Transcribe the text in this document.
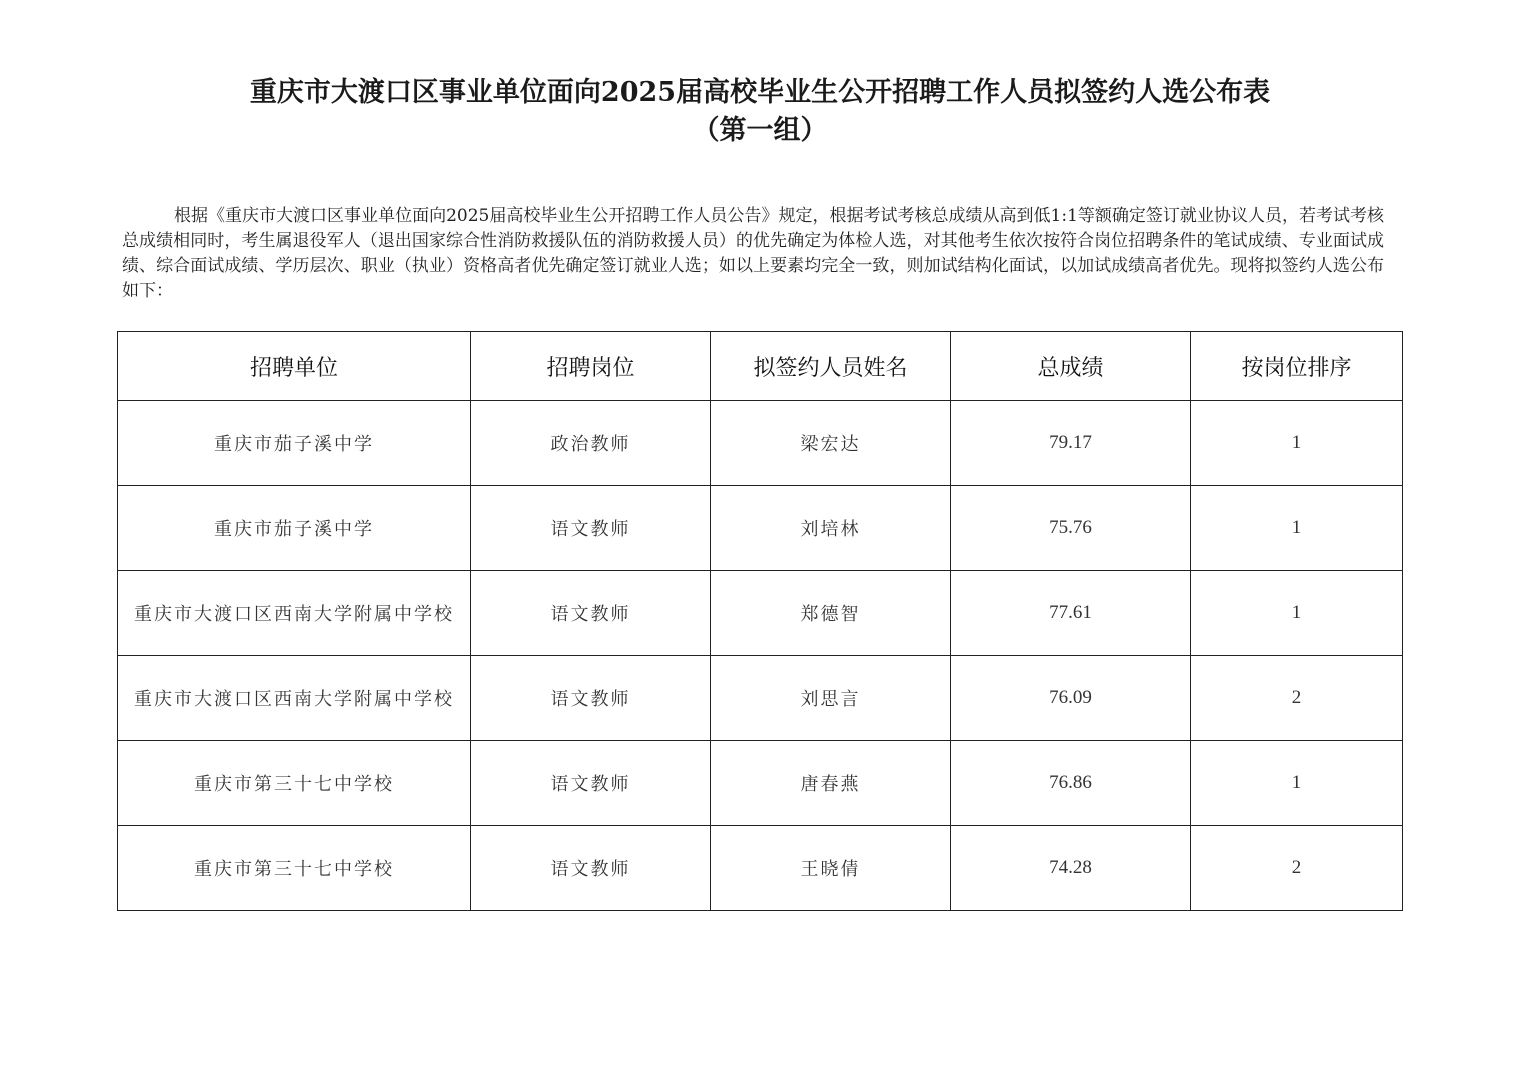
重庆市大渡口区事业单位面向2025届高校毕业生公开招聘工作人员拟签约人选公布表
（第一组）
根据《重庆市大渡口区事业单位面向2025届高校毕业生公开招聘工作人员公告》规定，根据考试考核总成绩从高到低1:1等额确定签订就业协议人员，若考试考核总成绩相同时，考生属退役军人（退出国家综合性消防救援队伍的消防救援人员）的优先确定为体检人选，对其他考生依次按符合岗位招聘条件的笔试成绩、专业面试成绩、综合面试成绩、学历层次、职业（执业）资格高者优先确定签订就业人选；如以上要素均完全一致，则加试结构化面试，以加试成绩高者优先。现将拟签约人选公布如下：
招聘单位	招聘岗位	拟签约人员姓名	总成绩	按岗位排序
重庆市茄子溪中学	政治教师	梁宏达	79.17	1
重庆市茄子溪中学	语文教师	刘培林	75.76	1
重庆市大渡口区西南大学附属中学校	语文教师	郑德智	77.61	1
重庆市大渡口区西南大学附属中学校	语文教师	刘思言	76.09	2
重庆市第三十七中学校	语文教师	唐春燕	76.86	1
重庆市第三十七中学校	语文教师	王晓倩	74.28	2
